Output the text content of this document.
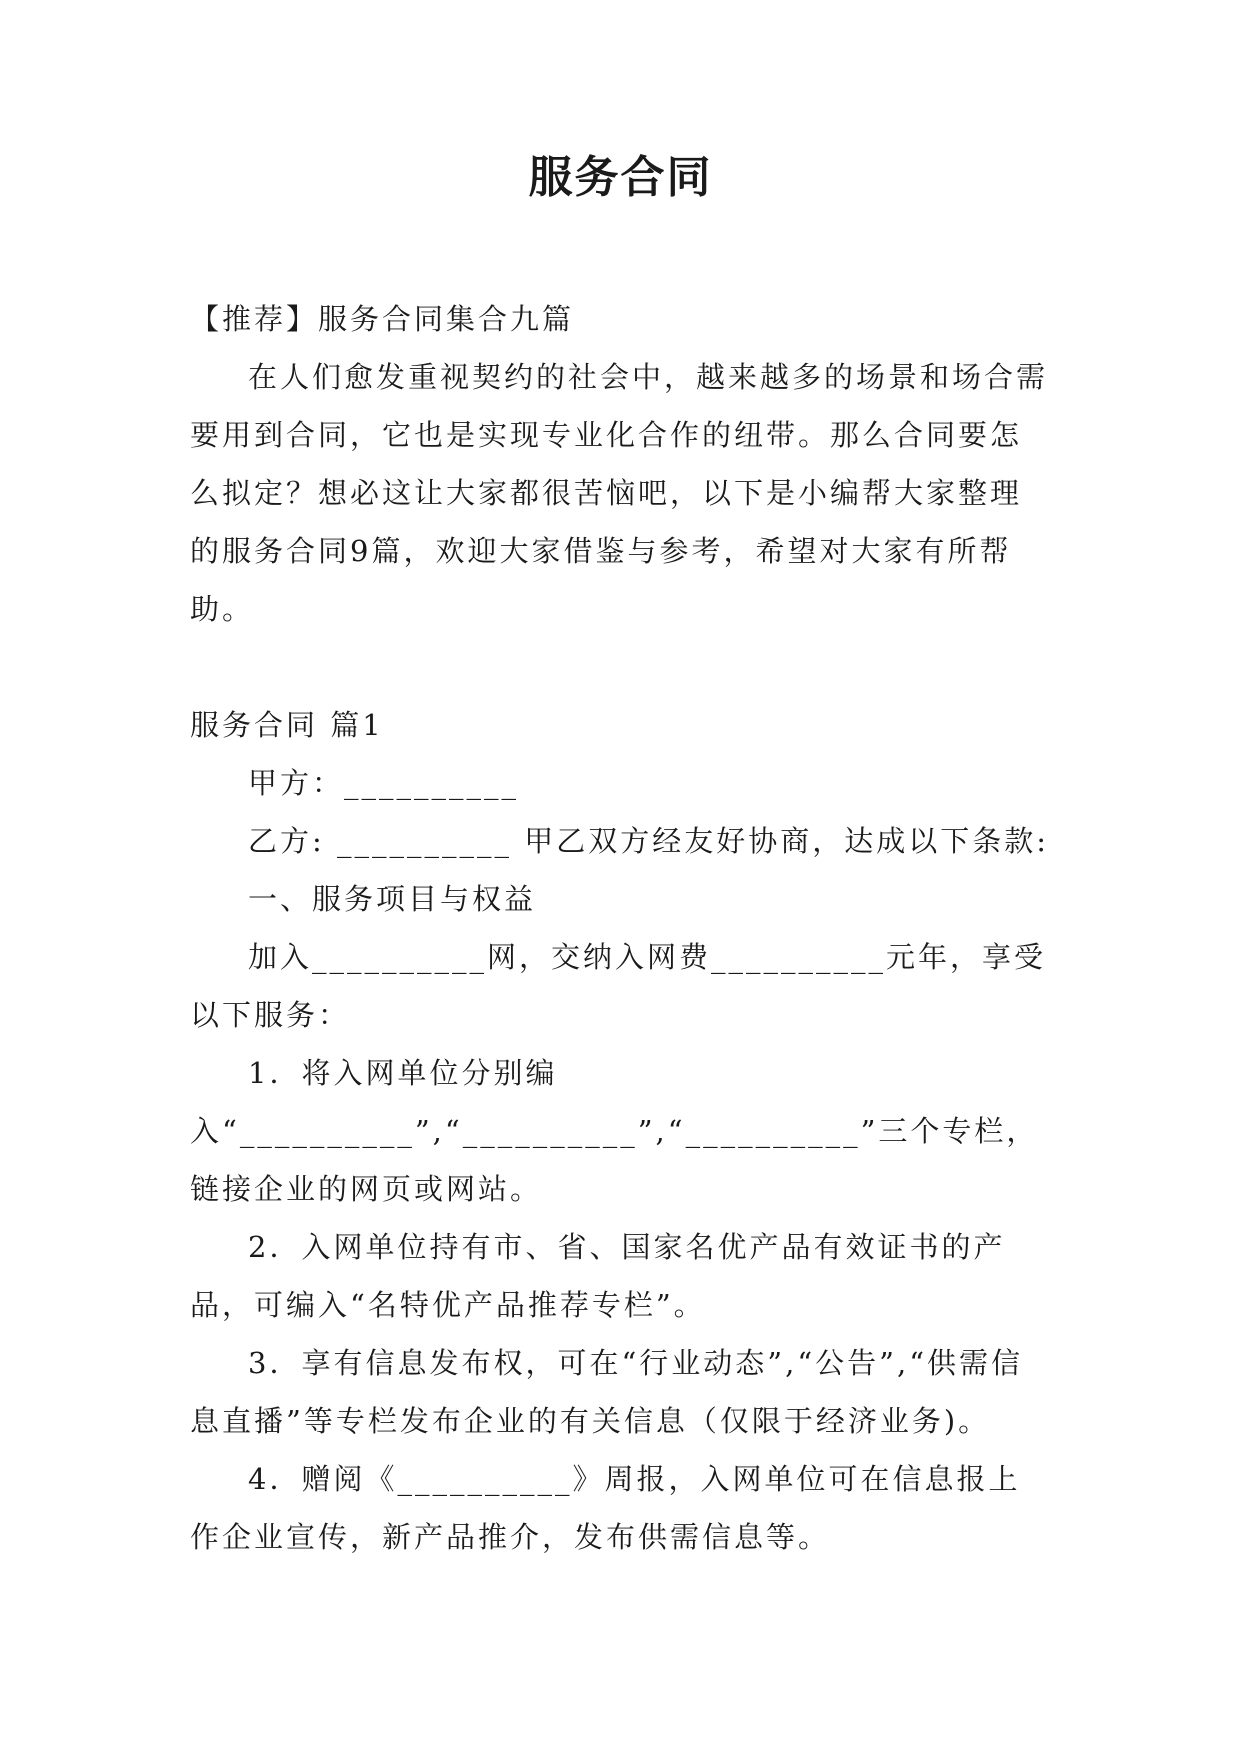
服务合同

【推荐】服务合同集合九篇

在人们愈发重视契约的社会中，越来越多的场景和场合需要用到合同，它也是实现专业化合作的纽带。那么合同要怎么拟定？想必这让大家都很苦恼吧，以下是小编帮大家整理的服务合同9篇，欢迎大家借鉴与参考，希望对大家有所帮助。

服务合同 篇1

甲方：__________

乙方: __________ 甲乙双方经友好协商，达成以下条款:

一、服务项目与权益

加入__________网，交纳入网费__________元年，享受以下服务：

1．将入网单位分别编入“__________”,“__________”,“__________”三个专栏，链接企业的网页或网站。

2．入网单位持有市、省、国家名优产品有效证书的产品，可编入“名特优产品推荐专栏”。

3．享有信息发布权，可在“行业动态”,“公告”,“供需信息直播”等专栏发布企业的有关信息（仅限于经济业务)。

4．赠阅《__________》周报，入网单位可在信息报上作企业宣传，新产品推介，发布供需信息等。
